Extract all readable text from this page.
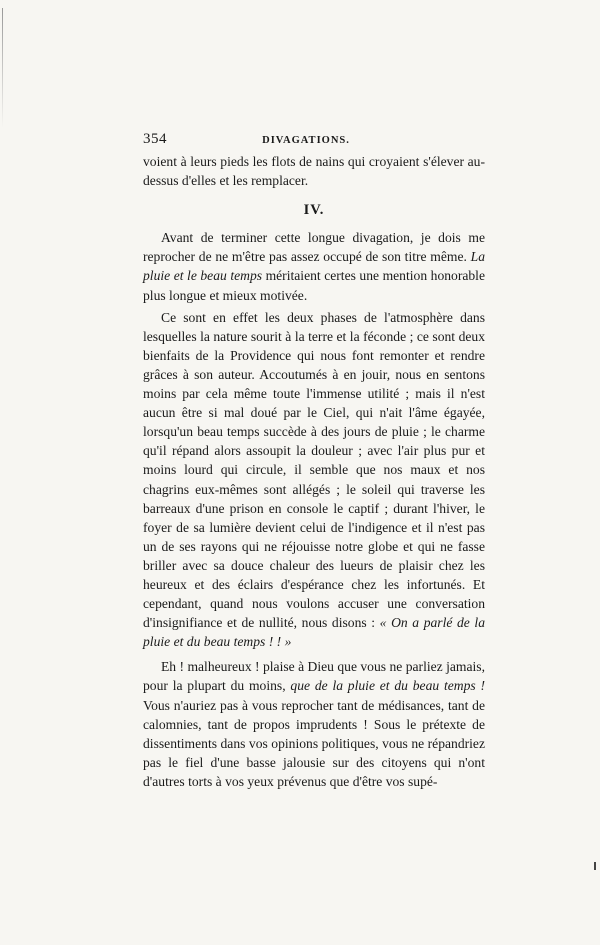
354	DIVAGATIONS.

voient à leurs pieds les flots de nains qui croyaient s'élever au-dessus d'elles et les remplacer.

IV.

Avant de terminer cette longue divagation, je dois me reprocher de ne m'être pas assez occupé de son titre même. La pluie et le beau temps méritaient certes une mention honorable plus longue et mieux motivée.

Ce sont en effet les deux phases de l'atmosphère dans lesquelles la nature sourit à la terre et la féconde ; ce sont deux bienfaits de la Providence qui nous font remonter et rendre grâces à son auteur. Accoutumés à en jouir, nous en sentons moins par cela même toute l'immense utilité ; mais il n'est aucun être si mal doué par le Ciel, qui n'ait l'âme égayée, lorsqu'un beau temps succède à des jours de pluie ; le charme qu'il répand alors assoupit la douleur ; avec l'air plus pur et moins lourd qui circule, il semble que nos maux et nos chagrins eux-mêmes sont allégés ; le soleil qui traverse les barreaux d'une prison en console le captif ; durant l'hiver, le foyer de sa lumière devient celui de l'indigence et il n'est pas un de ses rayons qui ne réjouisse notre globe et qui ne fasse briller avec sa douce chaleur des lueurs de plaisir chez les heureux et des éclairs d'espérance chez les infortunés. Et cependant, quand nous voulons accuser une conversation d'insignifiance et de nullité, nous disons : « On a parlé de la pluie et du beau temps ! ! »

Eh ! malheureux ! plaise à Dieu que vous ne parliez jamais, pour la plupart du moins, que de la pluie et du beau temps ! Vous n'auriez pas à vous reprocher tant de médisances, tant de calomnies, tant de propos imprudents ! Sous le prétexte de dissentiments dans vos opinions politiques, vous ne répandriez pas le fiel d'une basse jalousie sur des citoyens qui n'ont d'autres torts à vos yeux prévenus que d'être vos supé-
